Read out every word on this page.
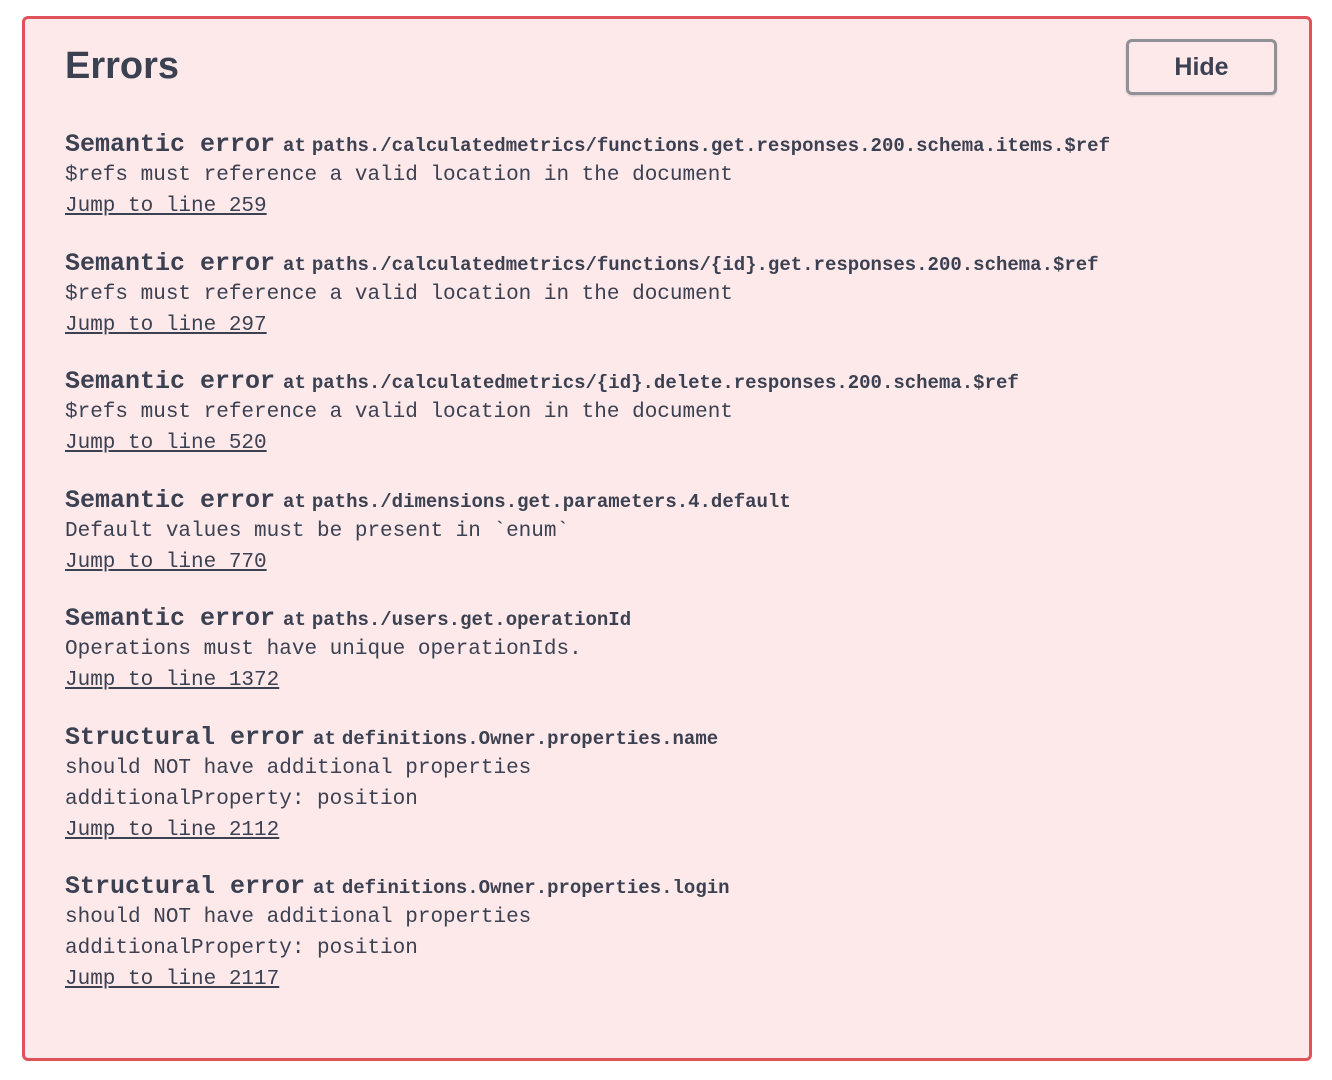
Errors	Hide
Semantic error at paths./calculatedmetrics/functions.get.responses.200.schema.items.$ref
$refs must reference a valid location in the document
Jump to line 259
Semantic error at paths./calculatedmetrics/functions/{id}.get.responses.200.schema.$ref
$refs must reference a valid location in the document
Jump to line 297
Semantic error at paths./calculatedmetrics/{id}.delete.responses.200.schema.$ref
$refs must reference a valid location in the document
Jump to line 520
Semantic error at paths./dimensions.get.parameters.4.default
Default values must be present in `enum`
Jump to line 770
Semantic error at paths./users.get.operationId
Operations must have unique operationIds.
Jump to line 1372
Structural error at definitions.Owner.properties.name
should NOT have additional properties
additionalProperty: position
Jump to line 2112
Structural error at definitions.Owner.properties.login
should NOT have additional properties
additionalProperty: position
Jump to line 2117
